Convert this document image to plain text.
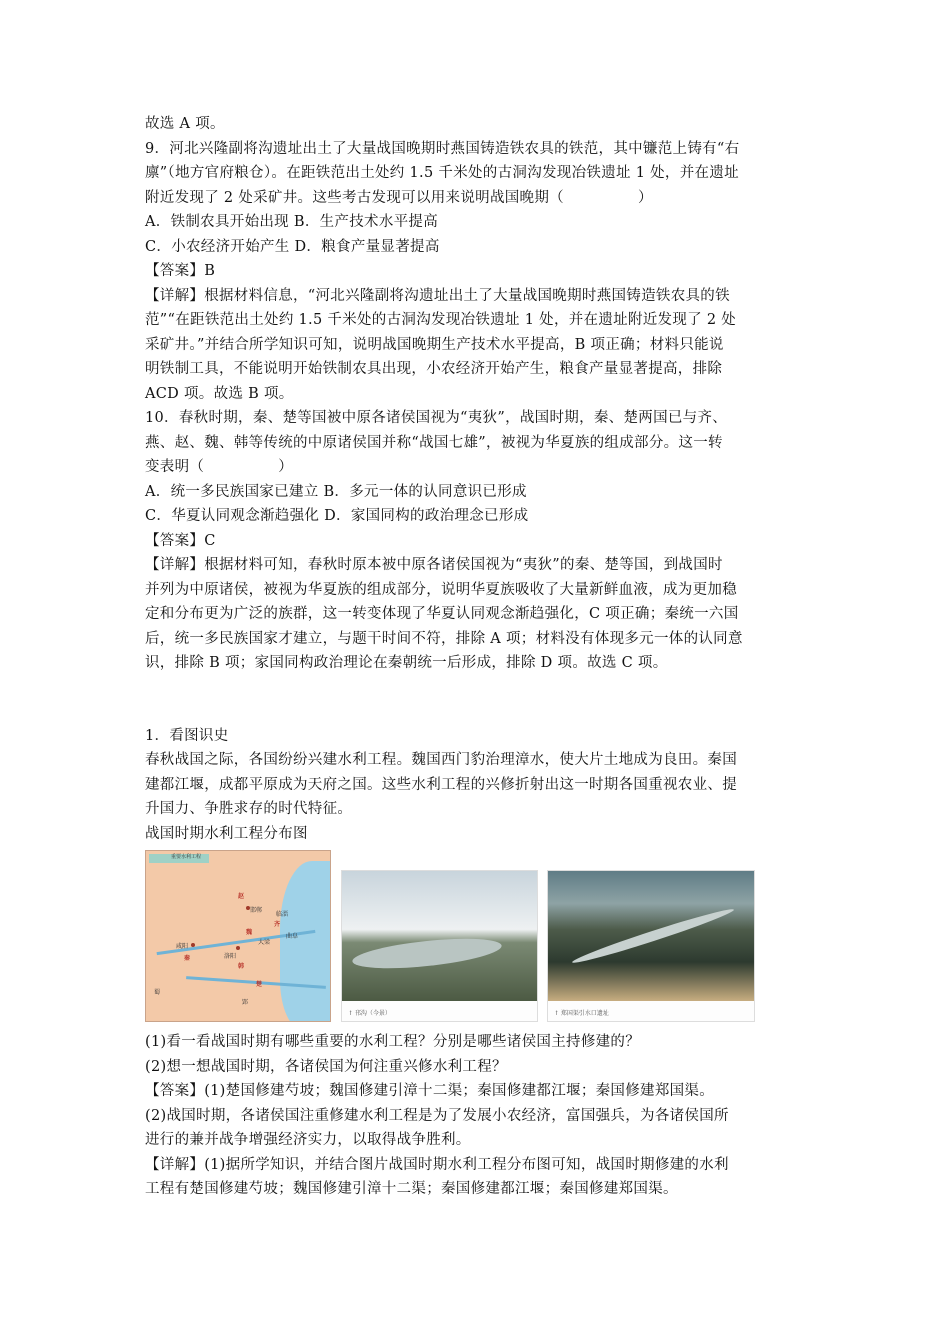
故选 A 项。
9．河北兴隆副将沟遗址出土了大量战国晚期时燕国铸造铁农具的铁范，其中镰范上铸有“右
廪”（地方官府粮仓）。在距铁范出土处约 1.5 千米处的古洞沟发现冶铁遗址 1 处，并在遗址
附近发现了 2 处采矿井。这些考古发现可以用来说明战国晚期（　　　　　）
A．铁制农具开始出现 B．生产技术水平提高
C．小农经济开始产生 D．粮食产量显著提高
【答案】B
【详解】根据材料信息，“河北兴隆副将沟遗址出土了大量战国晚期时燕国铸造铁农具的铁
范”“在距铁范出土处约 1.5 千米处的古洞沟发现冶铁遗址 1 处，并在遗址附近发现了 2 处
采矿井。”并结合所学知识可知，说明战国晚期生产技术水平提高，B 项正确；材料只能说
明铁制工具，不能说明开始铁制农具出现，小农经济开始产生，粮食产量显著提高，排除
ACD 项。故选 B 项。
10．春秋时期，秦、楚等国被中原各诸侯国视为“夷狄”，战国时期，秦、楚两国已与齐、
燕、赵、魏、韩等传统的中原诸侯国并称“战国七雄”，被视为华夏族的组成部分。这一转
变表明（　　　　　）
A．统一多民族国家已建立 B．多元一体的认同意识已形成
C．华夏认同观念渐趋强化 D．家国同构的政治理念已形成
【答案】C
【详解】根据材料可知，春秋时原本被中原各诸侯国视为“夷狄”的秦、楚等国，到战国时
并列为中原诸侯，被视为华夏族的组成部分，说明华夏族吸收了大量新鲜血液，成为更加稳
定和分布更为广泛的族群，这一转变体现了华夏认同观念渐趋强化，C 项正确；秦统一六国
后，统一多民族国家才建立，与题干时间不符，排除 A 项；材料没有体现多元一体的认同意
识，排除 B 项；家国同构政治理论在秦朝统一后形成，排除 D 项。故选 C 项。
1．看图识史
春秋战国之际，各国纷纷兴建水利工程。魏国西门豹治理漳水，使大片土地成为良田。秦国
建都江堰，成都平原成为天府之国。这些水利工程的兴修折射出这一时期各国重视农业、提
升国力、争胜求存的时代特征。
战国时期水利工程分布图
重要水利工程
赵
邯郸
临淄
齐
魏
大梁
曲阜
咸阳
洛阳
韩
秦
楚
郢
蜀
↑ 邗沟（今景）	↑ 郑国渠引水口遗址
(1)看一看战国时期有哪些重要的水利工程？分别是哪些诸侯国主持修建的？
(2)想一想战国时期，各诸侯国为何注重兴修水利工程？
【答案】(1)楚国修建芍坡；魏国修建引漳十二渠；秦国修建都江堰；秦国修建郑国渠。
(2)战国时期，各诸侯国注重修建水利工程是为了发展小农经济，富国强兵，为各诸侯国所
进行的兼并战争增强经济实力，以取得战争胜利。
【详解】(1)据所学知识，并结合图片战国时期水利工程分布图可知，战国时期修建的水利
工程有楚国修建芍坡；魏国修建引漳十二渠；秦国修建都江堰；秦国修建郑国渠。
